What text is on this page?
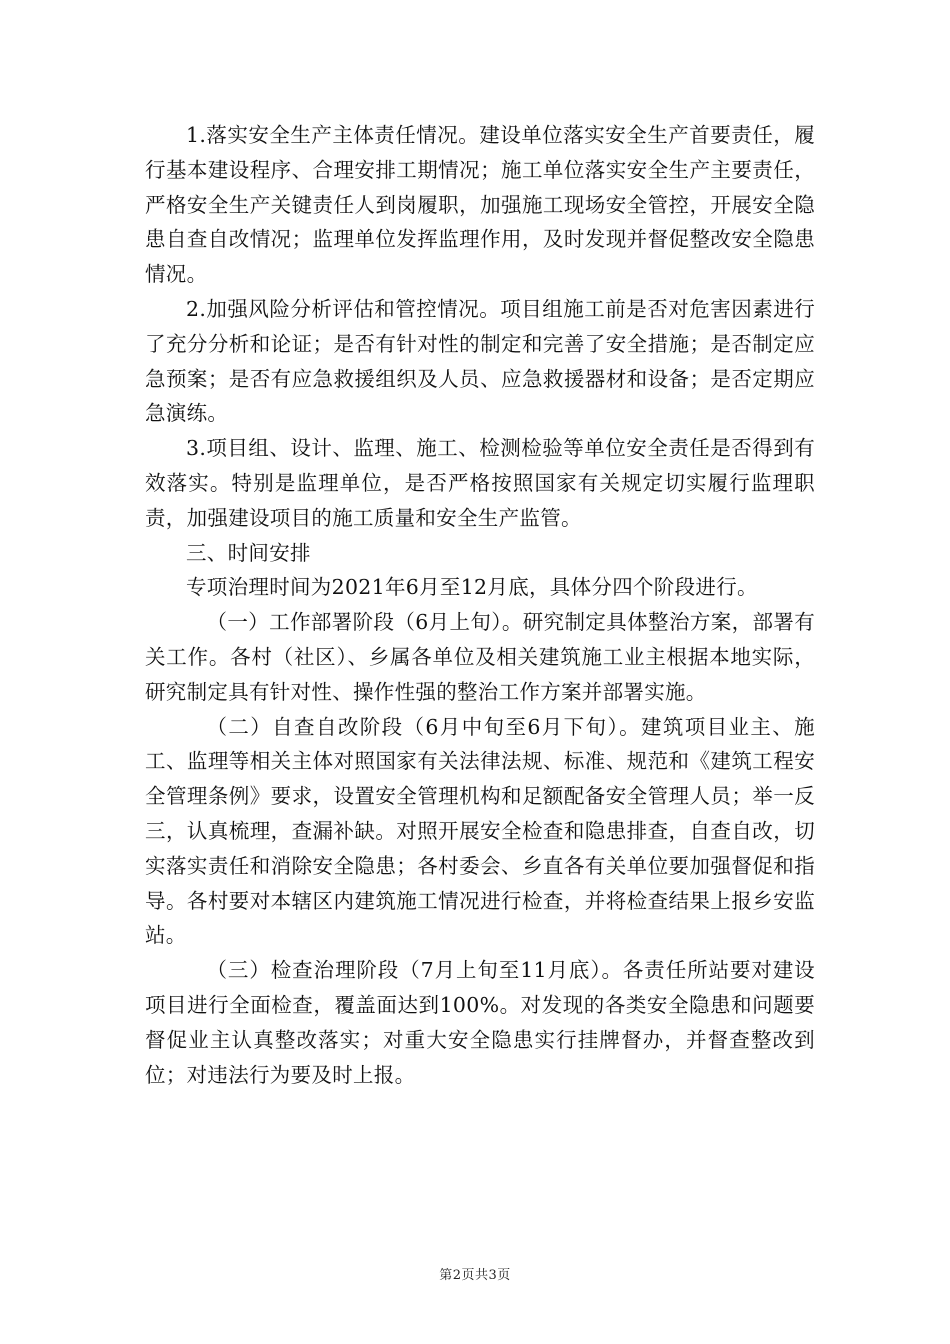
1.落实安全生产主体责任情况。建设单位落实安全生产首要责任，履行基本建设程序、合理安排工期情况；施工单位落实安全生产主要责任，严格安全生产关键责任人到岗履职，加强施工现场安全管控，开展安全隐患自查自改情况；监理单位发挥监理作用，及时发现并督促整改安全隐患情况。

2.加强风险分析评估和管控情况。项目组施工前是否对危害因素进行了充分分析和论证；是否有针对性的制定和完善了安全措施；是否制定应急预案；是否有应急救援组织及人员、应急救援器材和设备；是否定期应急演练。

3.项目组、设计、监理、施工、检测检验等单位安全责任是否得到有效落实。特别是监理单位，是否严格按照国家有关规定切实履行监理职责，加强建设项目的施工质量和安全生产监管。

三、时间安排

专项治理时间为2021年6月至12月底，具体分四个阶段进行。

（一）工作部署阶段（6月上旬）。研究制定具体整治方案，部署有关工作。各村（社区）、乡属各单位及相关建筑施工业主根据本地实际，研究制定具有针对性、操作性强的整治工作方案并部署实施。

（二）自查自改阶段（6月中旬至6月下旬）。建筑项目业主、施工、监理等相关主体对照国家有关法律法规、标准、规范和《建筑工程安全管理条例》要求，设置安全管理机构和足额配备安全管理人员；举一反三，认真梳理，查漏补缺。对照开展安全检查和隐患排查，自查自改，切实落实责任和消除安全隐患；各村委会、乡直各有关单位要加强督促和指导。各村要对本辖区内建筑施工情况进行检查，并将检查结果上报乡安监站。

（三）检查治理阶段（7月上旬至11月底）。各责任所站要对建设项目进行全面检查，覆盖面达到100%。对发现的各类安全隐患和问题要督促业主认真整改落实；对重大安全隐患实行挂牌督办，并督查整改到位；对违法行为要及时上报。

第2页共3页
